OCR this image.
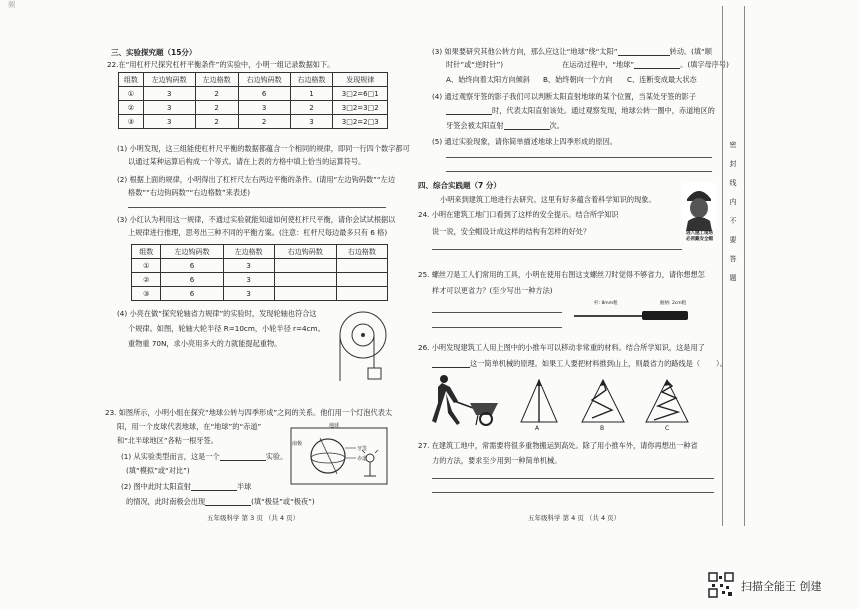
频
三、实验探究题（15分）
22.在“用杠杆尺探究杠杆平衡条件”的实验中，小明一组记录数据如下。
组数	左边钩码数	左边格数	右边钩码数	右边格数	发现规律
①	3	2	6	1	3□2=6□1
②	3	2	3	2	3□2=3□2
③	3	2	2	3	3□2=2□3
(1) 小明发现，这三组能使杠杆尺平衡的数据都蕴含一个相同的规律，即同一行四个数字都可
以通过某种运算后构成一个等式。请在上表的方格中填上恰当的运算符号。
(2) 根据上面的规律，小明得出了杠杆尺左右两边平衡的条件。(请用“左边钩码数”“左边
格数”“右边钩码数”“右边格数”来表述)
(3) 小红认为利用这一规律，不通过实验就能知道如何使杠杆尺平衡，请你会试试根据以
上规律进行推理，思考出三种不同的平衡方案。(注意：杠杆尺每边最多只有 6 格)
组数	左边钩码数	左边格数	右边钩码数	右边格数
①	6	3		
②	6	3		
③	6	3		
(4) 小亮在做“探究轮轴省力规律”的实验时，发现轮轴也符合这
个规律。如图，轮轴大轮半径 R=10cm，小轮半径 r=4cm。
重物重 70N，求小亮用多大的力就能提起重物。
23. 如图所示，小明小组在探究“地球公转与四季形成”之间的关系。他们用一个灯泡代表太
阳，用一个皮球代表地球，在“地球”的“赤道”
和“北半球地区”各粘一根牙签。
(1) 从实验类型而言，这是一个	实验。
(填“模拟”或“对比”)
(2) 图中此时太阳直射	半球
的情况，此时南极会出现	(填“极昼”或“极夜”)
地球
牙签
赤道
南极
五年级科学 第 3 页 （共 4 页）
(3) 如果要研究其他公转方向，那么应这让“地球”绕“太阳”	转动。(填“顺
时针”或“逆时针”)	在运动过程中，“地球”	。(填字母序号)
A、始终向着太阳方向倾斜 B、始终朝向一个方向 C、连断变成最大状态
(4) 通过观察牙签的影子我们可以判断太阳直射地球的某个位置，当某处牙签的影子
时，代表太阳直射该处。通过观察发现，地球公转一圈中，赤道地区的
牙签会被太阳直射	次。
(5) 通过实验现象，请你简单描述地球上四季形成的原因。
四、综合实践题（7 分）
小明来到建筑工地进行去研究。这里有好多蕴含着科学知识的现象。
24. 小明在建筑工地门口看到了这样的安全提示。结合所学知识
说一说，安全帽设计成这样的结构有怎样的好处？	进入施工现场
必须戴安全帽
25. 螺丝刀是工人们常用的工具，小明在使用右图这支螺丝刀时觉得不够省力，请你想想怎
样才可以更省力？(至少写出一种方法)
杆: 8mm粗	握柄: 2cm粗
26. 小明发现建筑工人用上图中的小推车可以移动非常重的材料。结合所学知识，这是用了
这一简单机械的原理。如果工人要把材料推到山上，则最省力的路线是（ ）。
A	B	C
27. 在建筑工地中，常需要将很多重物搬运到高处。除了用小推车外，请你再想出一种省
力的方法，要求至少用到一种简单机械。
五年级科学 第 4 页 （共 4 页）
密
封
线
内
不
要
答
题
扫描全能王 创建
